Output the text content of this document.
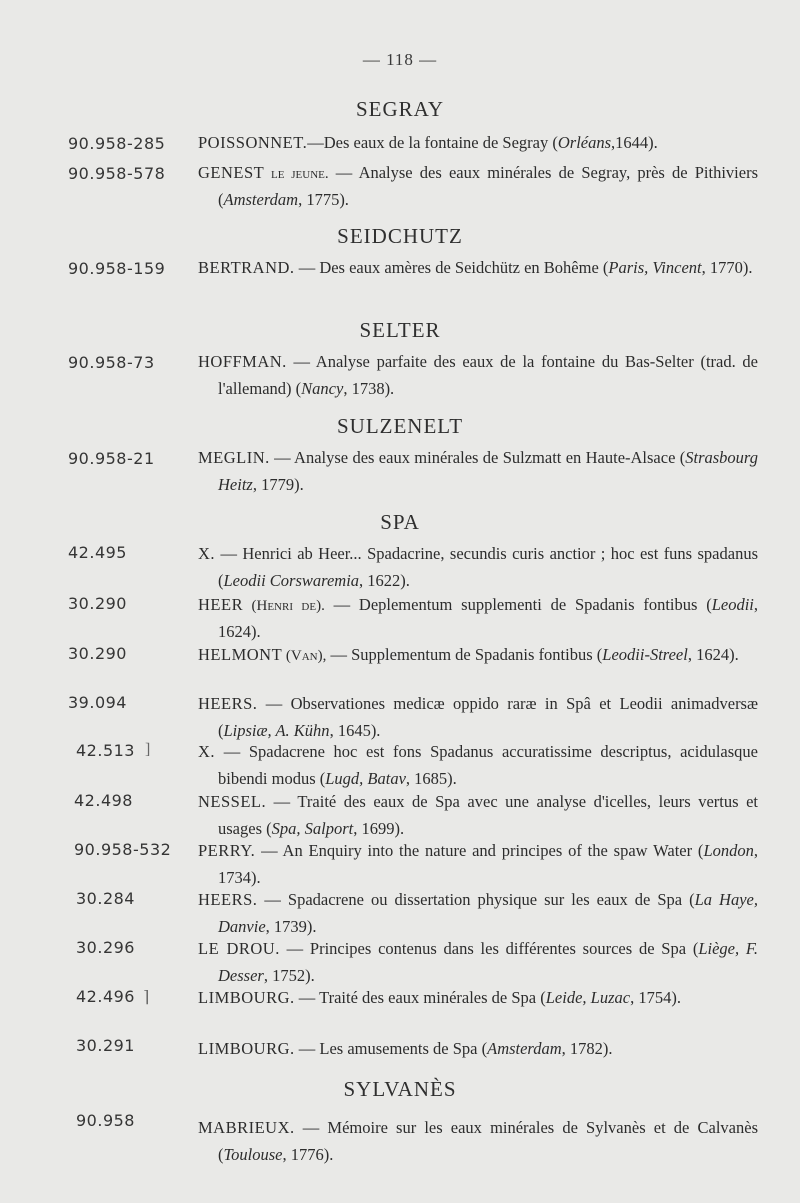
— 118 —
SEGRAY
90.958-285 POISSONNET.—Des eaux de la fontaine de Segray (Orléans,1644).
90.958-578 GENEST le jeune. — Analyse des eaux minérales de Segray, près de Pithiviers (Amsterdam, 1775).
SEIDCHUTZ
90.958-159 BERTRAND. — Des eaux amères de Seidchütz en Bohême (Paris, Vincent, 1770).
SELTER
90.958-73	HOFFMAN. — Analyse parfaite des eaux de la fontaine du Bas-Selter (trad. de l'allemand) (Nancy, 1738).
SULZENELT
90.958-21	MEGLIN. — Analyse des eaux minérales de Sulzmatt en Haute-Alsace (Strasbourg Heitz, 1779).
SPA
42.495	X. — Henrici ab Heer... Spadacrine, secundis curis anctior ; hoc est funs spadanus (Leodii Corswaremia, 1622).
30.290	HEER (Henri de). — Deplementum supplementi de Spadanis fontibus (Leodii, 1624).
30.290	HELMONT (Van), — Supplementum de Spadanis fontibus (Leodii-Streel, 1624).
39.094	HEERS. — Observationes medicæ oppido raræ in Spâ et Leodii animadversæ (Lipsiæ, A. Kühn, 1645).
42.513 ]	X. — Spadacrene hoc est fons Spadanus accuratissime descriptus, acidulasque bibendi modus (Lugd, Batav, 1685).
42.498	NESSEL. — Traité des eaux de Spa avec une analyse d'icelles, leurs vertus et usages (Spa, Salport, 1699).
90.958-532 PERRY. — An Enquiry into the nature and principes of the spaw Water (London, 1734).
30.284	HEERS. — Spadacrene ou dissertation physique sur les eaux de Spa (La Haye, Danvie, 1739).
30.296	LE DROU. — Principes contenus dans les différentes sources de Spa (Liège, F. Desser, 1752).
42.496 ⌉	LIMBOURG. — Traité des eaux minérales de Spa (Leide, Luzac, 1754).
30.291	LIMBOURG. — Les amusements de Spa (Amsterdam, 1782).
SYLVANÈS
90.958	MABRIEUX. — Mémoire sur les eaux minérales de Sylvanès et de Calvanès (Toulouse, 1776).
